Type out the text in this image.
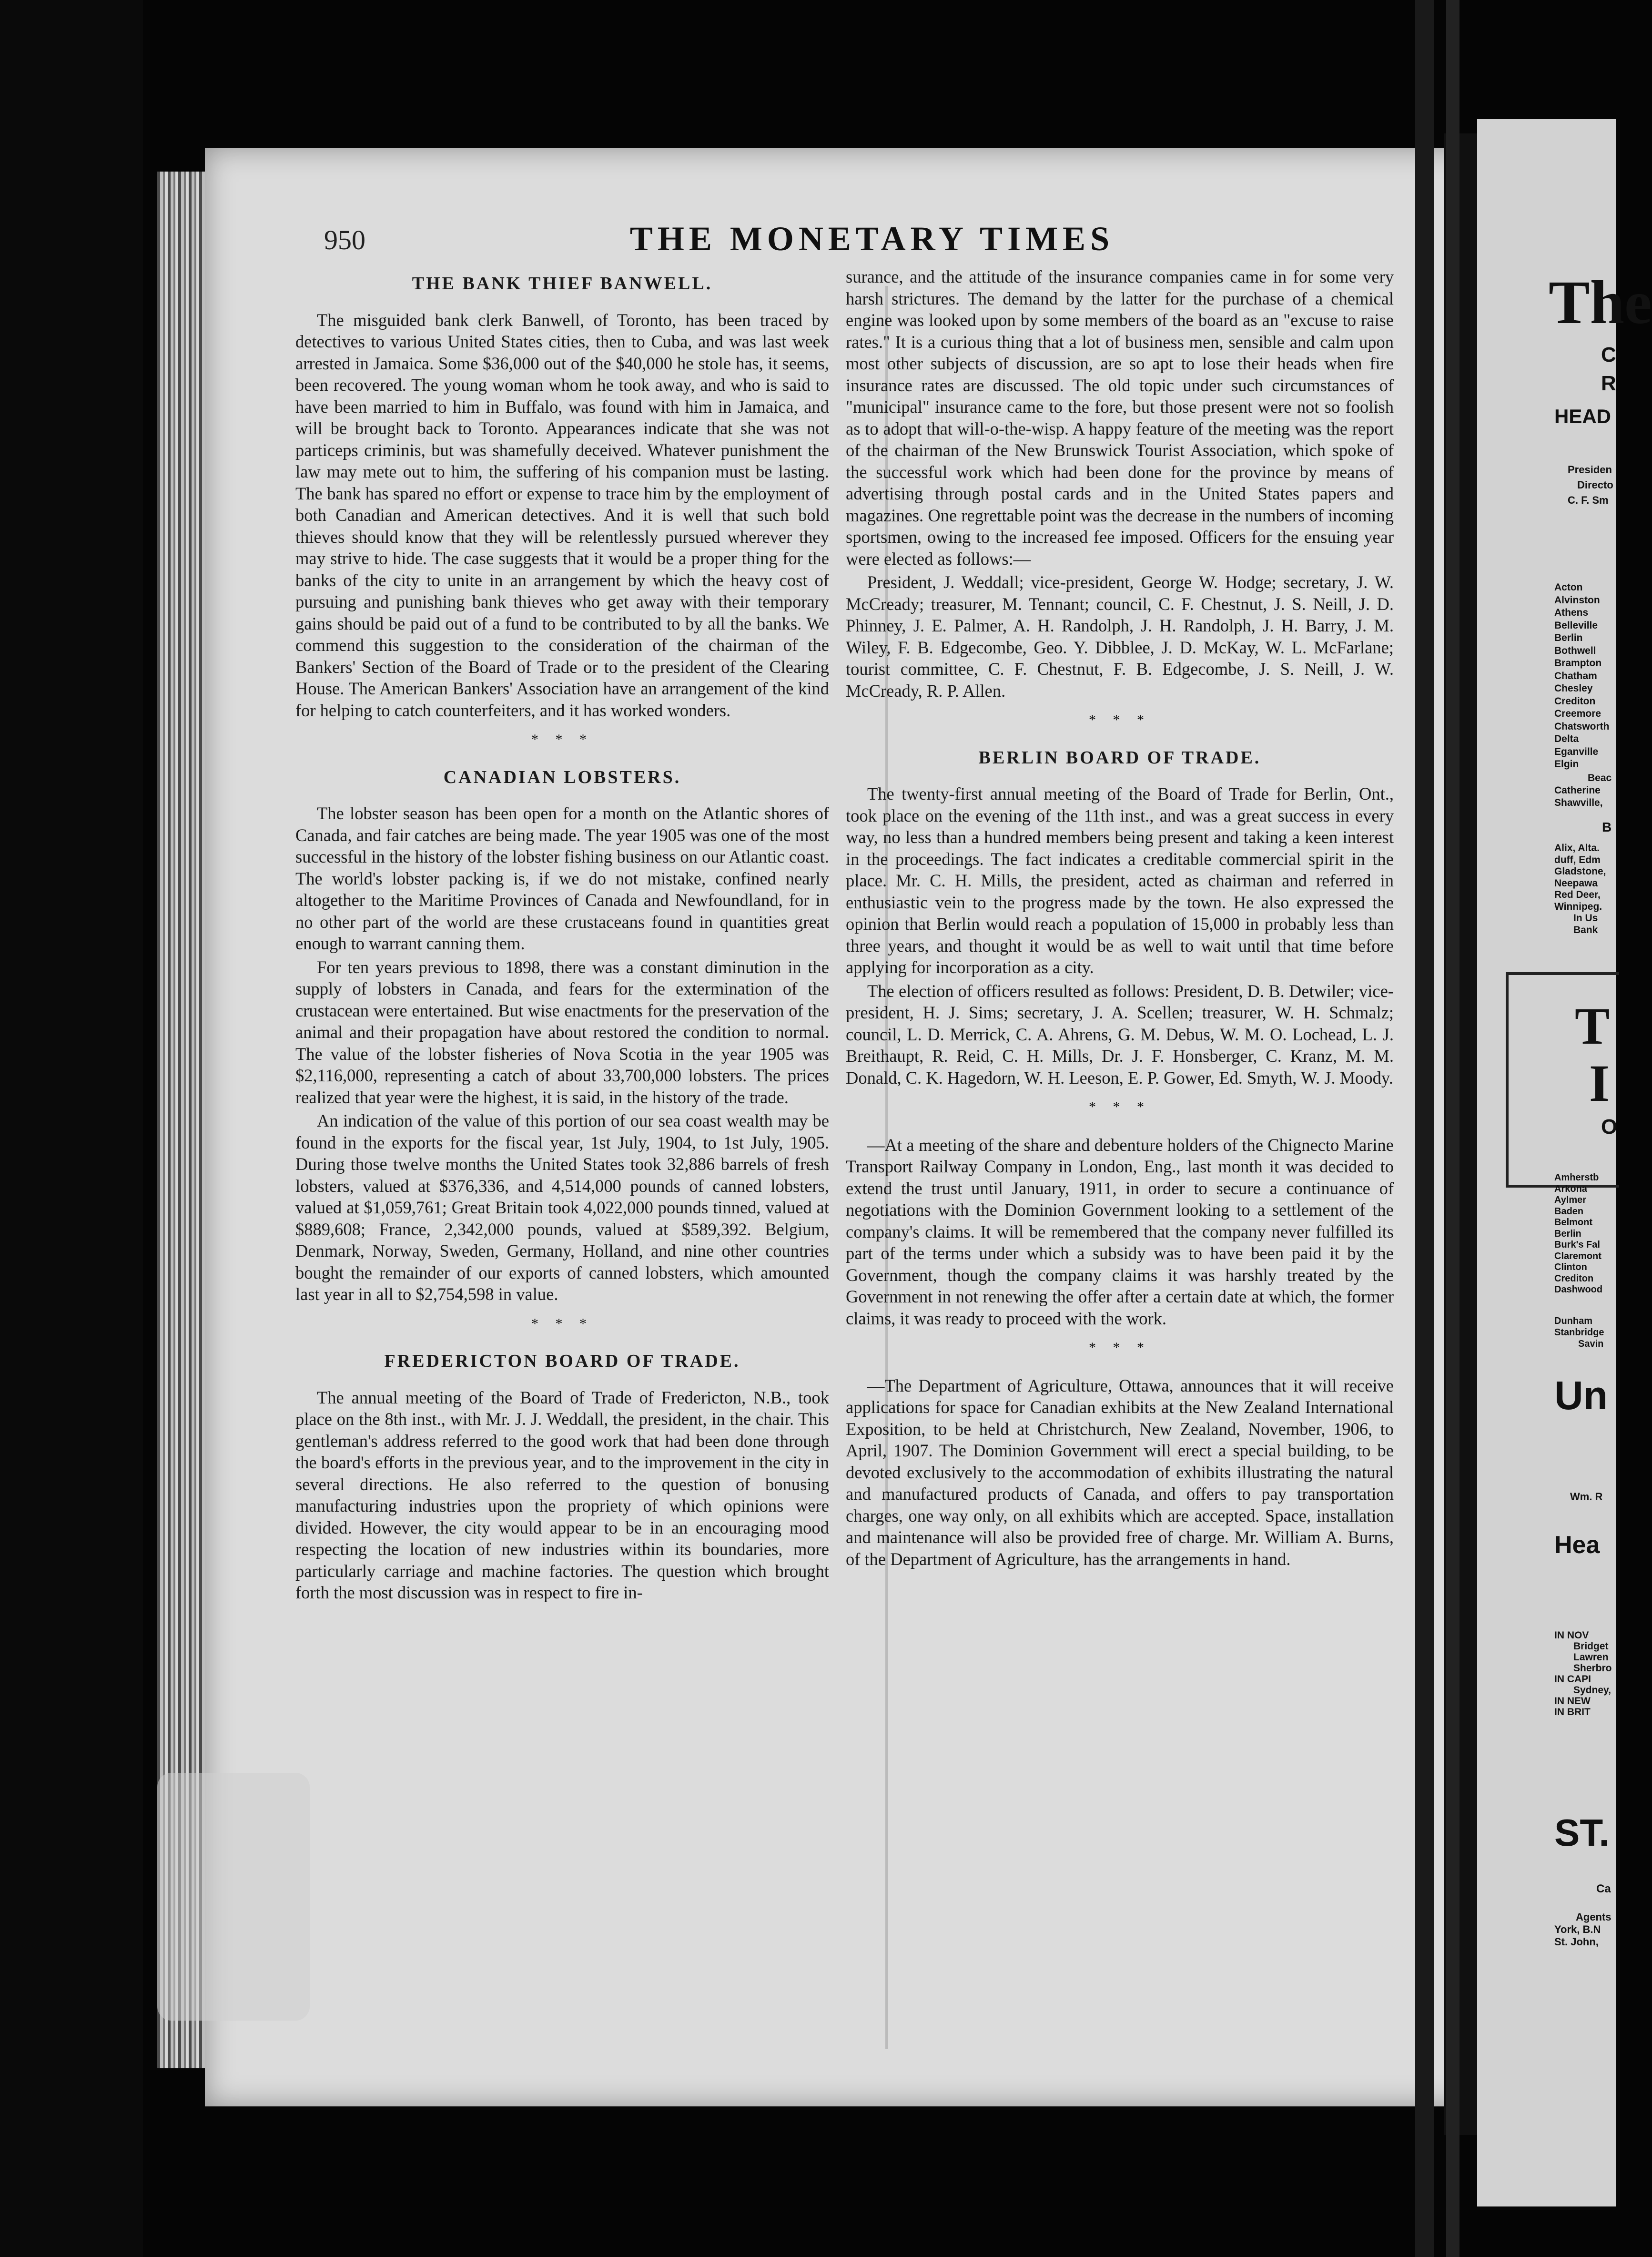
950	THE MONETARY TIMES
THE BANK THIEF BANWELL.

The misguided bank clerk Banwell, of Toronto, has been traced by detectives to various United States cities, then to Cuba, and was last week arrested in Jamaica. Some $36,000 out of the $40,000 he stole has, it seems, been recovered. The young woman whom he took away, and who is said to have been married to him in Buffalo, was found with him in Jamaica, and will be brought back to Toronto. Appearances indicate that she was not particeps criminis, but was shamefully deceived. Whatever punishment the law may mete out to him, the suffering of his companion must be lasting. The bank has spared no effort or expense to trace him by the employment of both Canadian and American detectives. And it is well that such bold thieves should know that they will be relentlessly pursued wherever they may strive to hide. The case suggests that it would be a proper thing for the banks of the city to unite in an arrangement by which the heavy cost of pursuing and punishing bank thieves who get away with their temporary gains should be paid out of a fund to be contributed to by all the banks. We commend this suggestion to the consideration of the chairman of the Bankers' Section of the Board of Trade or to the president of the Clearing House. The American Bankers' Association have an arrangement of the kind for helping to catch counterfeiters, and it has worked wonders.

* * *
CANADIAN LOBSTERS.

The lobster season has been open for a month on the Atlantic shores of Canada, and fair catches are being made. The year 1905 was one of the most successful in the history of the lobster fishing business on our Atlantic coast. The world's lobster packing is, if we do not mistake, confined nearly altogether to the Maritime Provinces of Canada and Newfoundland, for in no other part of the world are these crustaceans found in quantities great enough to warrant canning them.

For ten years previous to 1898, there was a constant diminution in the supply of lobsters in Canada, and fears for the extermination of the crustacean were entertained. But wise enactments for the preservation of the animal and their propagation have about restored the condition to normal. The value of the lobster fisheries of Nova Scotia in the year 1905 was $2,116,000, representing a catch of about 33,700,000 lobsters. The prices realized that year were the highest, it is said, in the history of the trade.

An indication of the value of this portion of our sea coast wealth may be found in the exports for the fiscal year, 1st July, 1904, to 1st July, 1905. During those twelve months the United States took 32,886 barrels of fresh lobsters, valued at $376,336, and 4,514,000 pounds of canned lobsters, valued at $1,059,761; Great Britain took 4,022,000 pounds tinned, valued at $889,608; France, 2,342,000 pounds, valued at $589,392. Belgium, Denmark, Norway, Sweden, Germany, Holland, and nine other countries bought the remainder of our exports of canned lobsters, which amounted last year in all to $2,754,598 in value.

* * *
FREDERICTON BOARD OF TRADE.

The annual meeting of the Board of Trade of Fredericton, N.B., took place on the 8th inst., with Mr. J. J. Weddall, the president, in the chair. This gentleman's address referred to the good work that had been done through the board's efforts in the previous year, and to the improvement in the city in several directions. He also referred to the question of bonusing manufacturing industries upon the propriety of which opinions were divided. However, the city would appear to be in an encouraging mood respecting the location of new industries within its boundaries, more particularly carriage and machine factories. The question which brought forth the most discussion was in respect to fire in-

surance, and the attitude of the insurance companies came in for some very harsh strictures. The demand by the latter for the purchase of a chemical engine was looked upon by some members of the board as an "excuse to raise rates." It is a curious thing that a lot of business men, sensible and calm upon most other subjects of discussion, are so apt to lose their heads when fire insurance rates are discussed. The old topic under such circumstances of "municipal" insurance came to the fore, but those present were not so foolish as to adopt that will-o-the-wisp. A happy feature of the meeting was the report of the chairman of the New Brunswick Tourist Association, which spoke of the successful work which had been done for the province by means of advertising through postal cards and in the United States papers and magazines. One regrettable point was the decrease in the numbers of incoming sportsmen, owing to the increased fee imposed. Officers for the ensuing year were elected as follows:—

President, J. Weddall; vice-president, George W. Hodge; secretary, J. W. McCready; treasurer, M. Tennant; council, C. F. Chestnut, J. S. Neill, J. D. Phinney, J. E. Palmer, A. H. Randolph, J. H. Randolph, J. H. Barry, J. M. Wiley, F. B. Edgecombe, Geo. Y. Dibblee, J. D. McKay, W. L. McFarlane; tourist committee, C. F. Chestnut, F. B. Edgecombe, J. S. Neill, J. W. McCready, R. P. Allen.

* * *
BERLIN BOARD OF TRADE.

The twenty-first annual meeting of the Board of Trade for Berlin, Ont., took place on the evening of the 11th inst., and was a great success in every way, no less than a hundred members being present and taking a keen interest in the proceedings. The fact indicates a creditable commercial spirit in the place. Mr. C. H. Mills, the president, acted as chairman and referred in enthusiastic vein to the progress made by the town. He also expressed the opinion that Berlin would reach a population of 15,000 in probably less than three years, and thought it would be as well to wait until that time before applying for incorporation as a city.

The election of officers resulted as follows: President, D. B. Detwiler; vice-president, H. J. Sims; secretary, J. A. Scellen; treasurer, W. H. Schmalz; council, L. D. Merrick, C. A. Ahrens, G. M. Debus, W. M. O. Lochead, L. J. Breithaupt, R. Reid, C. H. Mills, Dr. J. F. Honsberger, C. Kranz, M. M. Donald, C. K. Hagedorn, W. H. Leeson, E. P. Gower, Ed. Smyth, W. J. Moody.

* * *

—At a meeting of the share and debenture holders of the Chignecto Marine Transport Railway Company in London, Eng., last month it was decided to extend the trust until January, 1911, in order to secure a continuance of negotiations with the Dominion Government looking to a settlement of the company's claims. It will be remembered that the company never fulfilled its part of the terms under which a subsidy was to have been paid it by the Government, though the company claims it was harshly treated by the Government in not renewing the offer after a certain date at which, the former claims, it was ready to proceed with the work.

* * *

—The Department of Agriculture, Ottawa, announces that it will receive applications for space for Canadian exhibits at the New Zealand International Exposition, to be held at Christchurch, New Zealand, November, 1906, to April, 1907. The Dominion Government will erect a special building, to be devoted exclusively to the accommodation of exhibits illustrating the natural and manufactured products of Canada, and offers to pay transportation charges, one way only, on all exhibits which are accepted. Space, installation and maintenance will also be provided free of charge. Mr. William A. Burns, of the Department of Agriculture, has the arrangements in hand.

The
C
R
HEAD
Presiden
Directo
C. F. Sm
Acton
Alvinston
Athens
Belleville
Berlin
Bothwell
Brampton
Chatham
Chesley
Crediton
Creemore
Chatsworth
Delta
Eganville
Elgin
Beac
Catherine
Shawville,
B
Alix, Alta.
duff, Edm
Gladstone,
Neepawa
Red Deer,
Winnipeg.
In Us
Bank
T
I
O
Amherstb
Arkona
Aylmer
Baden
Belmont
Berlin
Burk's Fal
Claremont
Clinton
Crediton
Dashwood
Dunham
Stanbridge
Savin
Un
Wm. R
Hea
IN NOV
Bridget
Lawren
Sherbro
IN CAPI
Sydney,
IN NEW
IN BRIT
ST.
Ca
Agents
York, B.N
St. John,
